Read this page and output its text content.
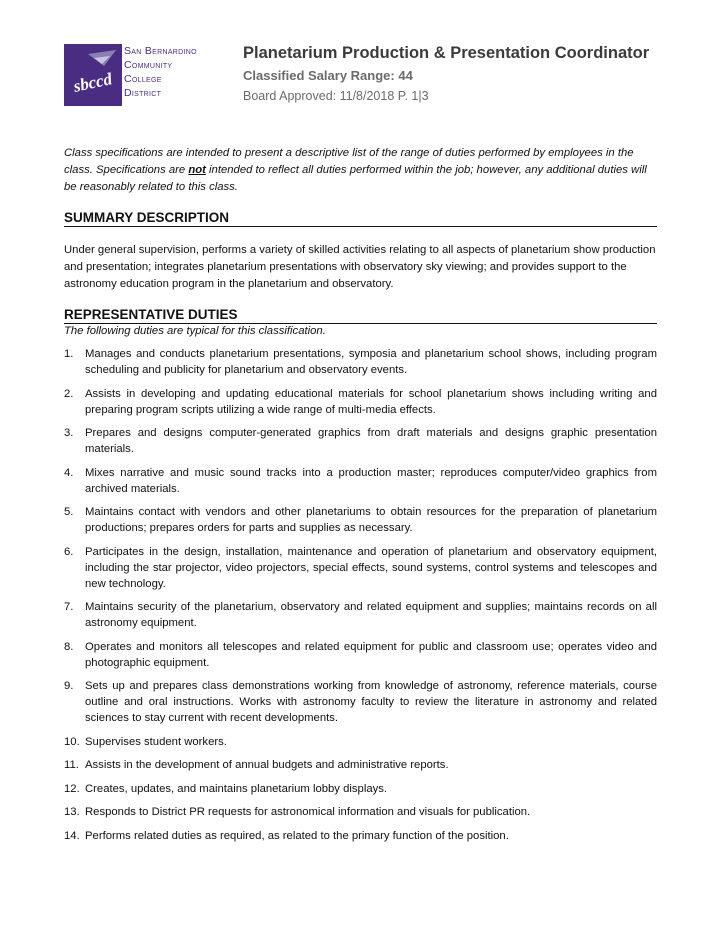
sbccd
San Bernardino
Community
College
District
Planetarium Production & Presentation Coordinator
Classified Salary Range: 44
Board Approved: 11/8/2018 P. 1|3
Class specifications are intended to present a descriptive list of the range of duties performed by employees in the class. Specifications are not intended to reflect all duties performed within the job; however, any additional duties will be reasonably related to this class.
SUMMARY DESCRIPTION
Under general supervision, performs a variety of skilled activities relating to all aspects of planetarium show production and presentation; integrates planetarium presentations with observatory sky viewing; and provides support to the astronomy education program in the planetarium and observatory.
REPRESENTATIVE DUTIES
The following duties are typical for this classification.
1.	Manages and conducts planetarium presentations, symposia and planetarium school shows, including program scheduling and publicity for planetarium and observatory events.
2.	Assists in developing and updating educational materials for school planetarium shows including writing and preparing program scripts utilizing a wide range of multi-media effects.
3.	Prepares and designs computer-generated graphics from draft materials and designs graphic presentation materials.
4.	Mixes narrative and music sound tracks into a production master; reproduces computer/video graphics from archived materials.
5.	Maintains contact with vendors and other planetariums to obtain resources for the preparation of planetarium productions; prepares orders for parts and supplies as necessary.
6.	Participates in the design, installation, maintenance and operation of planetarium and observatory equipment, including the star projector, video projectors, special effects, sound systems, control systems and telescopes and new technology.
7.	Maintains security of the planetarium, observatory and related equipment and supplies; maintains records on all astronomy equipment.
8.	Operates and monitors all telescopes and related equipment for public and classroom use; operates video and photographic equipment.
9.	Sets up and prepares class demonstrations working from knowledge of astronomy, reference materials, course outline and oral instructions. Works with astronomy faculty to review the literature in astronomy and related sciences to stay current with recent developments.
10. Supervises student workers.
11. Assists in the development of annual budgets and administrative reports.
12. Creates, updates, and maintains planetarium lobby displays.
13. Responds to District PR requests for astronomical information and visuals for publication.
14. Performs related duties as required, as related to the primary function of the position.
